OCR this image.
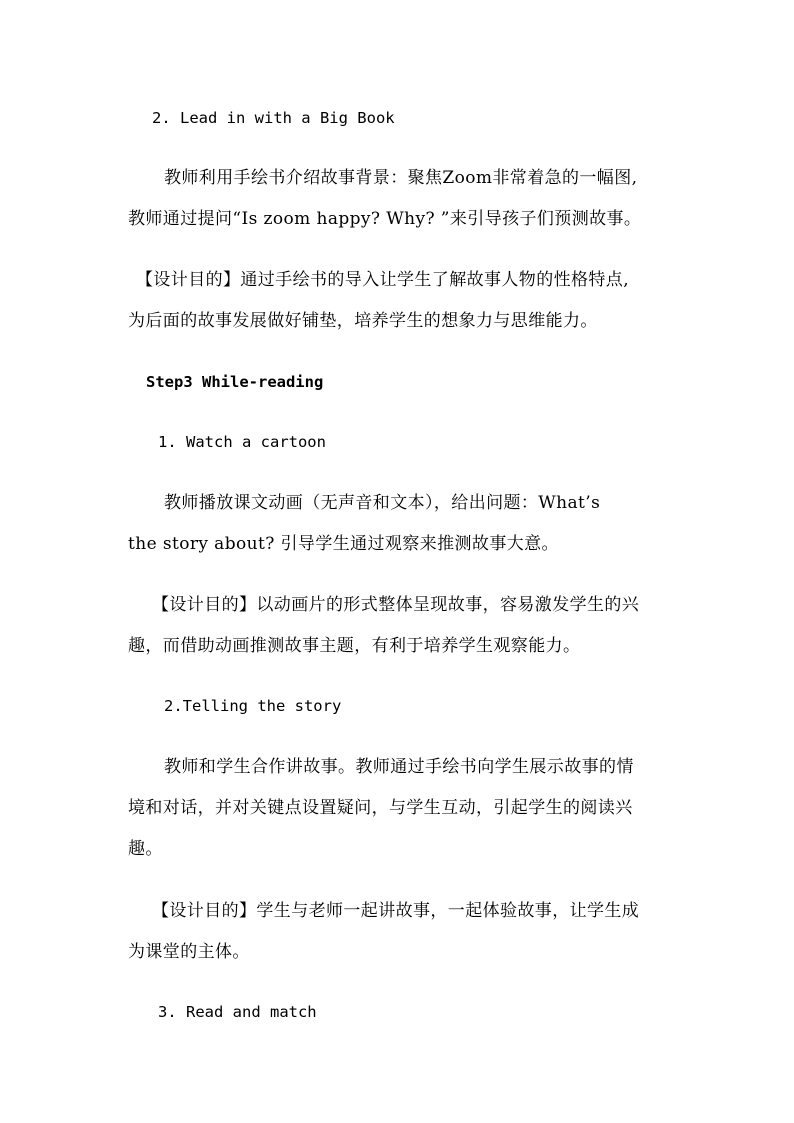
2. Lead in with a Big Book
教师利用手绘书介绍故事背景：聚焦Zoom非常着急的一幅图,
教师通过提问“Is zoom happy? Why? ”来引导孩子们预测故事。
【设计目的】通过手绘书的导入让学生了解故事人物的性格特点,
为后面的故事发展做好铺垫，培养学生的想象力与思维能力。
Step3 While-reading
1. Watch a cartoon
教师播放课文动画（无声音和文本），给出问题：What’s
the story about? 引导学生通过观察来推测故事大意。
【设计目的】以动画片的形式整体呈现故事，容易激发学生的兴
趣，而借助动画推测故事主题，有利于培养学生观察能力。
2.Telling the story
教师和学生合作讲故事。教师通过手绘书向学生展示故事的情
境和对话，并对关键点设置疑问，与学生互动，引起学生的阅读兴
趣。
【设计目的】学生与老师一起讲故事，一起体验故事，让学生成
为课堂的主体。
3. Read and match
